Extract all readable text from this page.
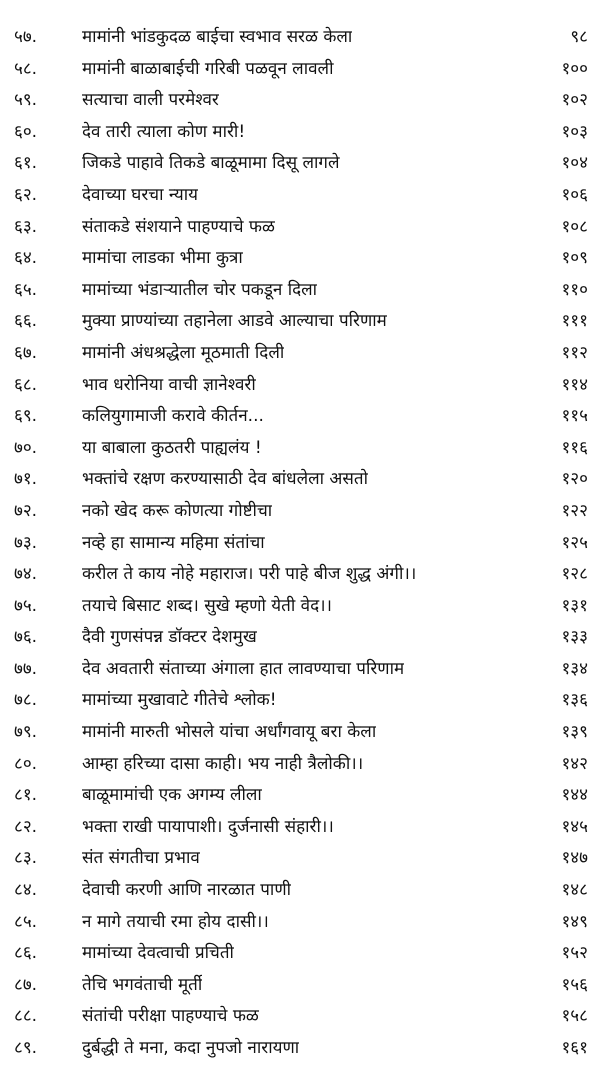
५७.	मामांनी भांडकुदळ बाईचा स्वभाव सरळ केला	९८
५८.	मामांनी बाळाबाईची गरिबी पळवून लावली	१००
५९.	सत्याचा वाली परमेश्वर	१०२
६०.	देव तारी त्याला कोण मारी!	१०३
६१.	जिकडे पाहावे तिकडे बाळूमामा दिसू लागले	१०४
६२.	देवाच्या घरचा न्याय	१०६
६३.	संताकडे संशयाने पाहण्याचे फळ	१०८
६४.	मामांचा लाडका भीमा कुत्रा	१०९
६५.	मामांच्या भंडाऱ्यातील चोर पकडून दिला	११०
६६.	मुक्या प्राण्यांच्या तहानेला आडवे आल्याचा परिणाम	१११
६७.	मामांनी अंधश्रद्धेला मूठमाती दिली	११२
६८.	भाव धरोनिया वाची ज्ञानेश्वरी	११४
६९.	कलियुगामाजी करावे कीर्तन...	११५
७०.	या बाबाला कुठतरी पाह्यलंय !	११६
७१.	भक्तांचे रक्षण करण्यासाठी देव बांधलेला असतो	१२०
७२.	नको खेद करू कोणत्या गोष्टीचा	१२२
७३.	नव्हे हा सामान्य महिमा संतांचा	१२५
७४.	करील ते काय नोहे महाराज। परी पाहे बीज शुद्ध अंगी।।	१२८
७५.	तयाचे बिसाट शब्द। सुखे म्हणो येती वेद।।	१३१
७६.	दैवी गुणसंपन्न डॉक्टर देशमुख	१३३
७७.	देव अवतारी संताच्या अंगाला हात लावण्याचा परिणाम	१३४
७८.	मामांच्या मुखावाटे गीतेचे श्लोक!	१३६
७९.	मामांनी मारुती भोसले यांचा अर्धांगवायू बरा केला	१३९
८०.	आम्हा हरिच्या दासा काही। भय नाही त्रैलोकी।।	१४२
८१.	बाळूमामांची एक अगम्य लीला	१४४
८२.	भक्ता राखी पायापाशी। दुर्जनासी संहारी।।	१४५
८३.	संत संगतीचा प्रभाव	१४७
८४.	देवाची करणी आणि नारळात पाणी	१४८
८५.	न मागे तयाची रमा होय दासी।।	१४९
८६.	मामांच्या देवत्वाची प्रचिती	१५२
८७.	तेचि भगवंताची मूर्ती	१५६
८८.	संतांची परीक्षा पाहण्याचे फळ	१५८
८९.	दुर्बद्धी ते मना, कदा नुपजो नारायणा	१६१
